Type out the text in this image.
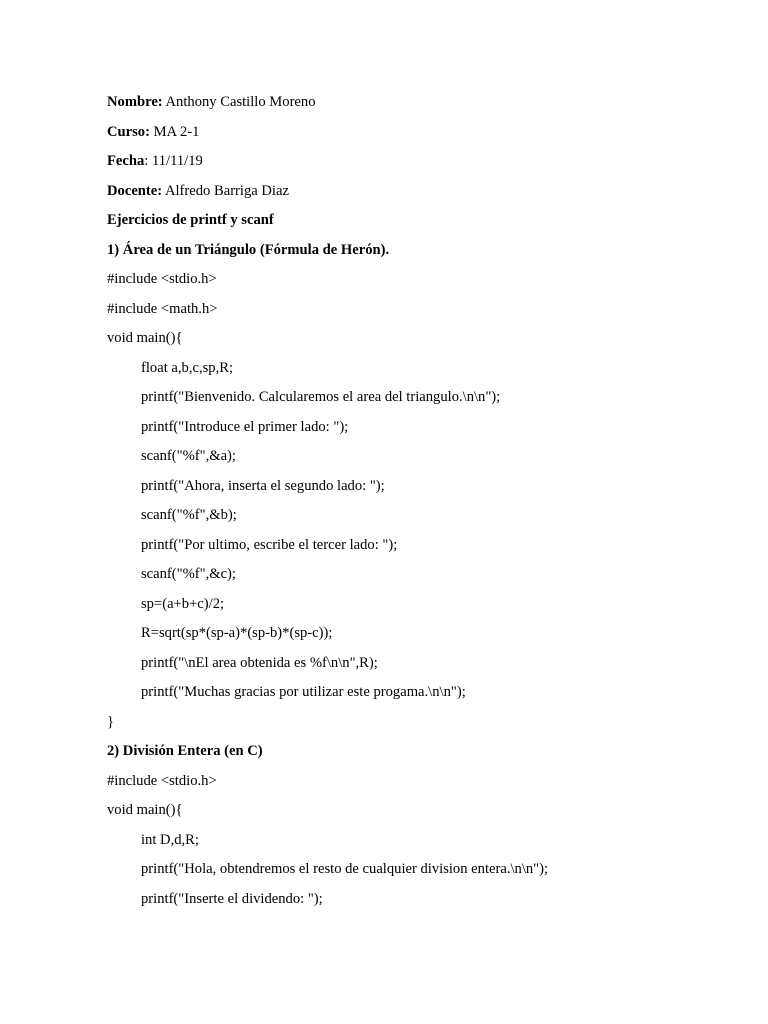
Nombre: Anthony Castillo Moreno
Curso: MA 2-1
Fecha: 11/11/19
Docente: Alfredo Barriga Diaz
Ejercicios de printf y scanf
1) Área de un Triángulo (Fórmula de Herón).
#include <stdio.h>
#include <math.h>
void main(){
float a,b,c,sp,R;
printf("Bienvenido. Calcularemos el area del triangulo.\n\n");
printf("Introduce el primer lado: ");
scanf("%f",&a);
printf("Ahora, inserta el segundo lado: ");
scanf("%f",&b);
printf("Por ultimo, escribe el tercer lado: ");
scanf("%f",&c);
sp=(a+b+c)/2;
R=sqrt(sp*(sp-a)*(sp-b)*(sp-c));
printf("\nEl area obtenida es %f\n\n",R);
printf("Muchas gracias por utilizar este progama.\n\n");
}
2) División Entera (en C)
#include <stdio.h>
void main(){
int D,d,R;
printf("Hola, obtendremos el resto de cualquier division entera.\n\n");
printf("Inserte el dividendo: ");
